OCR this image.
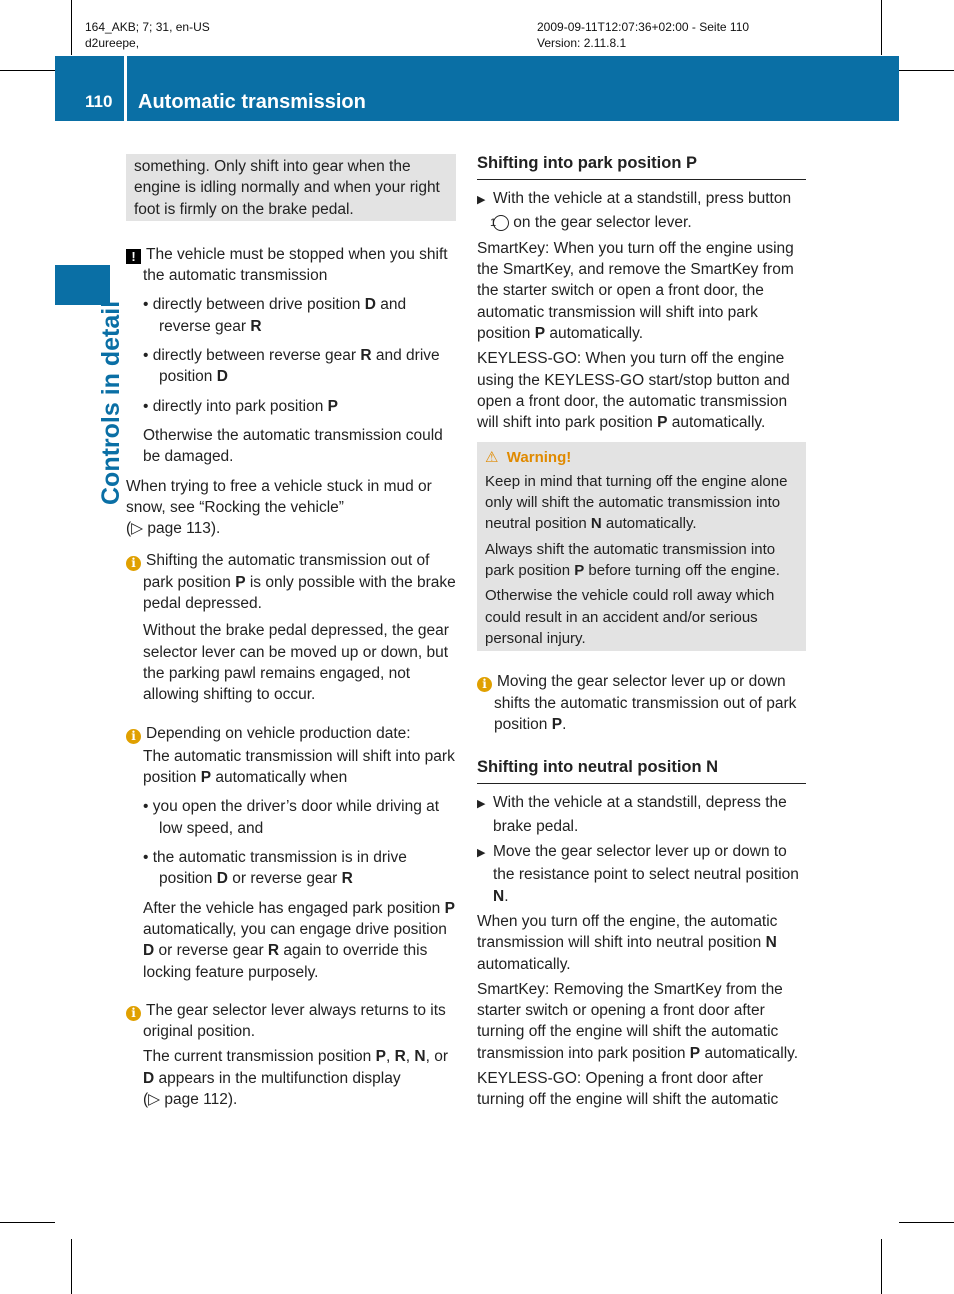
164_AKB; 7; 31, en-US
d2ureepe,
2009-09-11T12:07:36+02:00 - Seite 110
Version: 2.11.8.1
110 Automatic transmission
Controls in detail

something. Only shift into gear when the engine is idling normally and when your right foot is firmly on the brake pedal.

! The vehicle must be stopped when you shift the automatic transmission

• directly between drive position D and reverse gear R

• directly between reverse gear R and drive position D

• directly into park position P

Otherwise the automatic transmission could be damaged.

When trying to free a vehicle stuck in mud or snow, see “Rocking the vehicle”
(▷ page 113).

i Shifting the automatic transmission out of park position P is only possible with the brake pedal depressed.

Without the brake pedal depressed, the gear selector lever can be moved up or down, but the parking pawl remains engaged, not allowing shifting to occur.

i Depending on vehicle production date:

The automatic transmission will shift into park position P automatically when

• you open the driver’s door while driving at low speed, and

• the automatic transmission is in drive position D or reverse gear R

After the vehicle has engaged park position P automatically, you can engage drive position D or reverse gear R again to override this locking feature purposely.

i The gear selector lever always returns to its original position.

The current transmission position P, R, N, or D appears in the multifunction display
(▷ page 112).

Shifting into park position P

▶ With the vehicle at a standstill, press button 1 on the gear selector lever.

SmartKey: When you turn off the engine using the SmartKey, and remove the SmartKey from the starter switch or open a front door, the automatic transmission will shift into park position P automatically.

KEYLESS-GO: When you turn off the engine using the KEYLESS-GO start/stop button and open a front door, the automatic transmission will shift into park position P automatically.

⚠ Warning!

Keep in mind that turning off the engine alone only will shift the automatic transmission into neutral position N automatically.

Always shift the automatic transmission into park position P before turning off the engine.

Otherwise the vehicle could roll away which could result in an accident and/or serious personal injury.

i Moving the gear selector lever up or down shifts the automatic transmission out of park position P.

Shifting into neutral position N

▶ With the vehicle at a standstill, depress the brake pedal.

▶ Move the gear selector lever up or down to the resistance point to select neutral position N.

When you turn off the engine, the automatic transmission will shift into neutral position N automatically.

SmartKey: Removing the SmartKey from the starter switch or opening a front door after turning off the engine will shift the automatic transmission into park position P automatically.

KEYLESS-GO: Opening a front door after turning off the engine will shift the automatic
